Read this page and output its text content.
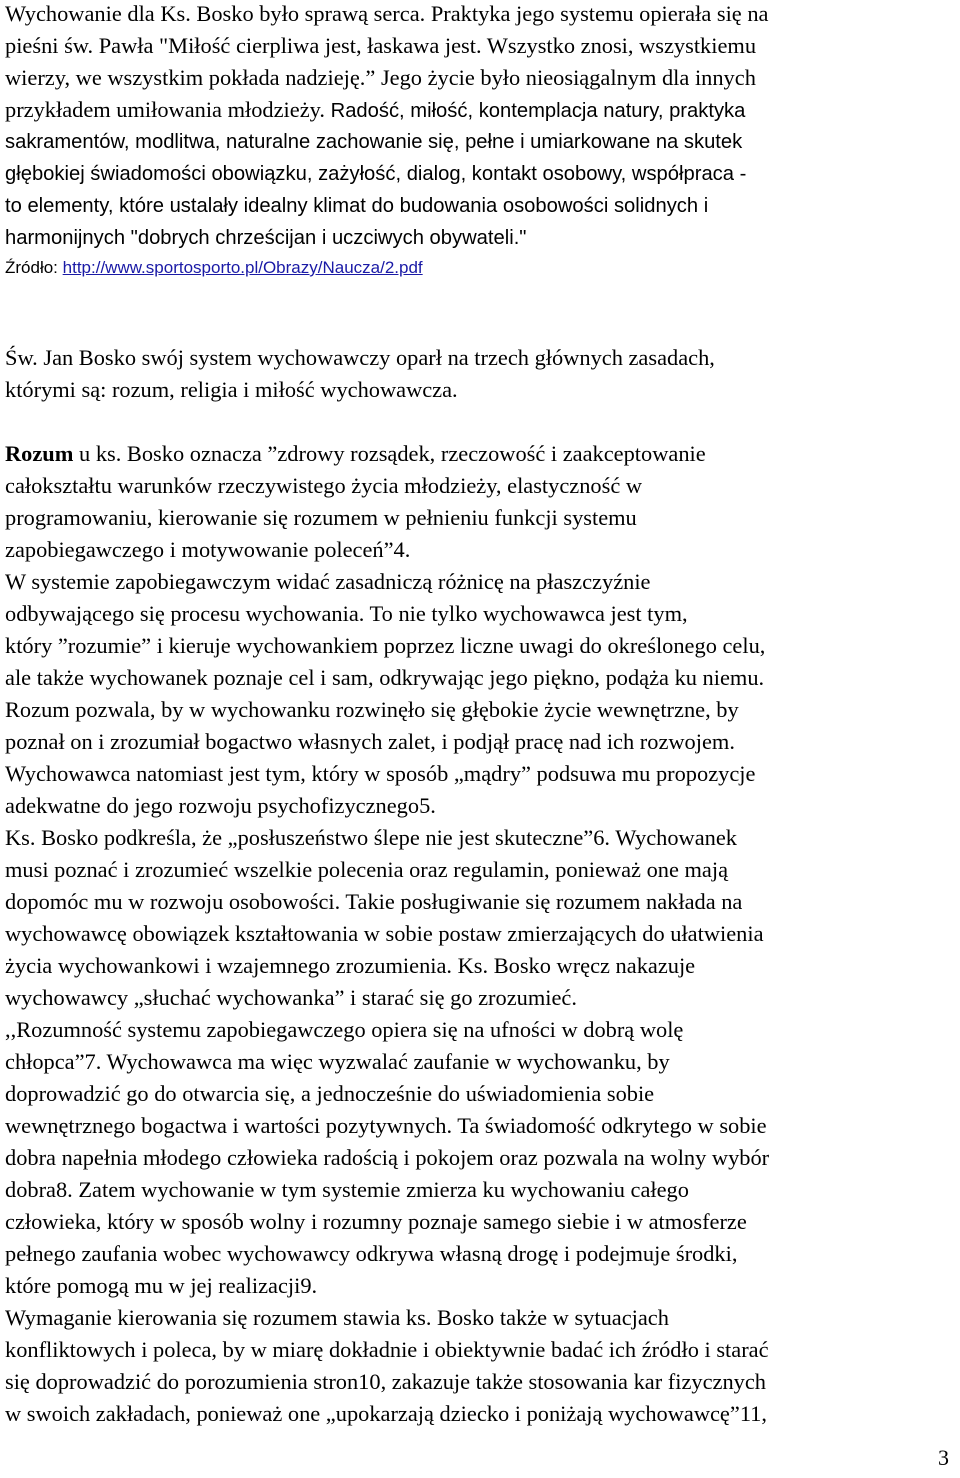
Wychowanie dla Ks. Bosko było sprawą serca. Praktyka jego systemu opierała się na
pieśni św. Pawła "Miłość cierpliwa jest, łaskawa jest. Wszystko znosi, wszystkiemu
wierzy, we wszystkim pokłada nadzieję.” Jego życie było nieosiągalnym dla innych
przykładem umiłowania młodzieży. Radość, miłość, kontemplacja natury, praktyka
sakramentów, modlitwa, naturalne zachowanie się, pełne i umiarkowane na skutek
głębokiej świadomości obowiązku, zażyłość, dialog, kontakt osobowy, współpraca -
to elementy, które ustalały idealny klimat do budowania osobowości solidnych i
harmonijnych "dobrych chrześcijan i uczciwych obywateli."
Źródło: http://www.sportosporto.pl/Obrazy/Naucza/2.pdf
Św. Jan Bosko swój system wychowawczy oparł na trzech głównych zasadach,
którymi są: rozum, religia i miłość wychowawcza.
Rozum u ks. Bosko oznacza ”zdrowy rozsądek, rzeczowość i zaakceptowanie
całokształtu warunków rzeczywistego życia młodzieży, elastyczność w
programowaniu, kierowanie się rozumem w pełnieniu funkcji systemu
zapobiegawczego i motywowanie poleceń”4.
W systemie zapobiegawczym widać zasadniczą różnicę na płaszczyźnie
odbywającego się procesu wychowania. To nie tylko wychowawca jest tym,
który ”rozumie” i kieruje wychowankiem poprzez liczne uwagi do określonego celu,
ale także wychowanek poznaje cel i sam, odkrywając jego piękno, podąża ku niemu.
Rozum pozwala, by w wychowanku rozwinęło się głębokie życie wewnętrzne, by
poznał on i zrozumiał bogactwo własnych zalet, i podjął pracę nad ich rozwojem.
Wychowawca natomiast jest tym, który w sposób „mądry” podsuwa mu propozycje
adekwatne do jego rozwoju psychofizycznego5.
Ks. Bosko podkreśla, że „posłuszeństwo ślepe nie jest skuteczne”6. Wychowanek
musi poznać i zrozumieć wszelkie polecenia oraz regulamin, ponieważ one mają
dopomóc mu w rozwoju osobowości. Takie posługiwanie się rozumem nakłada na
wychowawcę obowiązek kształtowania w sobie postaw zmierzających do ułatwienia
życia wychowankowi i wzajemnego zrozumienia. Ks. Bosko wręcz nakazuje
wychowawcy „słuchać wychowanka” i starać się go zrozumieć.
,,Rozumność systemu zapobiegawczego opiera się na ufności w dobrą wolę
chłopca”7. Wychowawca ma więc wyzwalać zaufanie w wychowanku, by
doprowadzić go do otwarcia się, a jednocześnie do uświadomienia sobie
wewnętrznego bogactwa i wartości pozytywnych. Ta świadomość odkrytego w sobie
dobra napełnia młodego człowieka radością i pokojem oraz pozwala na wolny wybór
dobra8. Zatem wychowanie w tym systemie zmierza ku wychowaniu całego
człowieka, który w sposób wolny i rozumny poznaje samego siebie i w atmosferze
pełnego zaufania wobec wychowawcy odkrywa własną drogę i podejmuje środki,
które pomogą mu w jej realizacji9.
Wymaganie kierowania się rozumem stawia ks. Bosko także w sytuacjach
konfliktowych i poleca, by w miarę dokładnie i obiektywnie badać ich źródło i starać
się doprowadzić do porozumienia stron10, zakazuje także stosowania kar fizycznych
w swoich zakładach, ponieważ one „upokarzają dziecko i poniżają wychowawcę”11,
3
